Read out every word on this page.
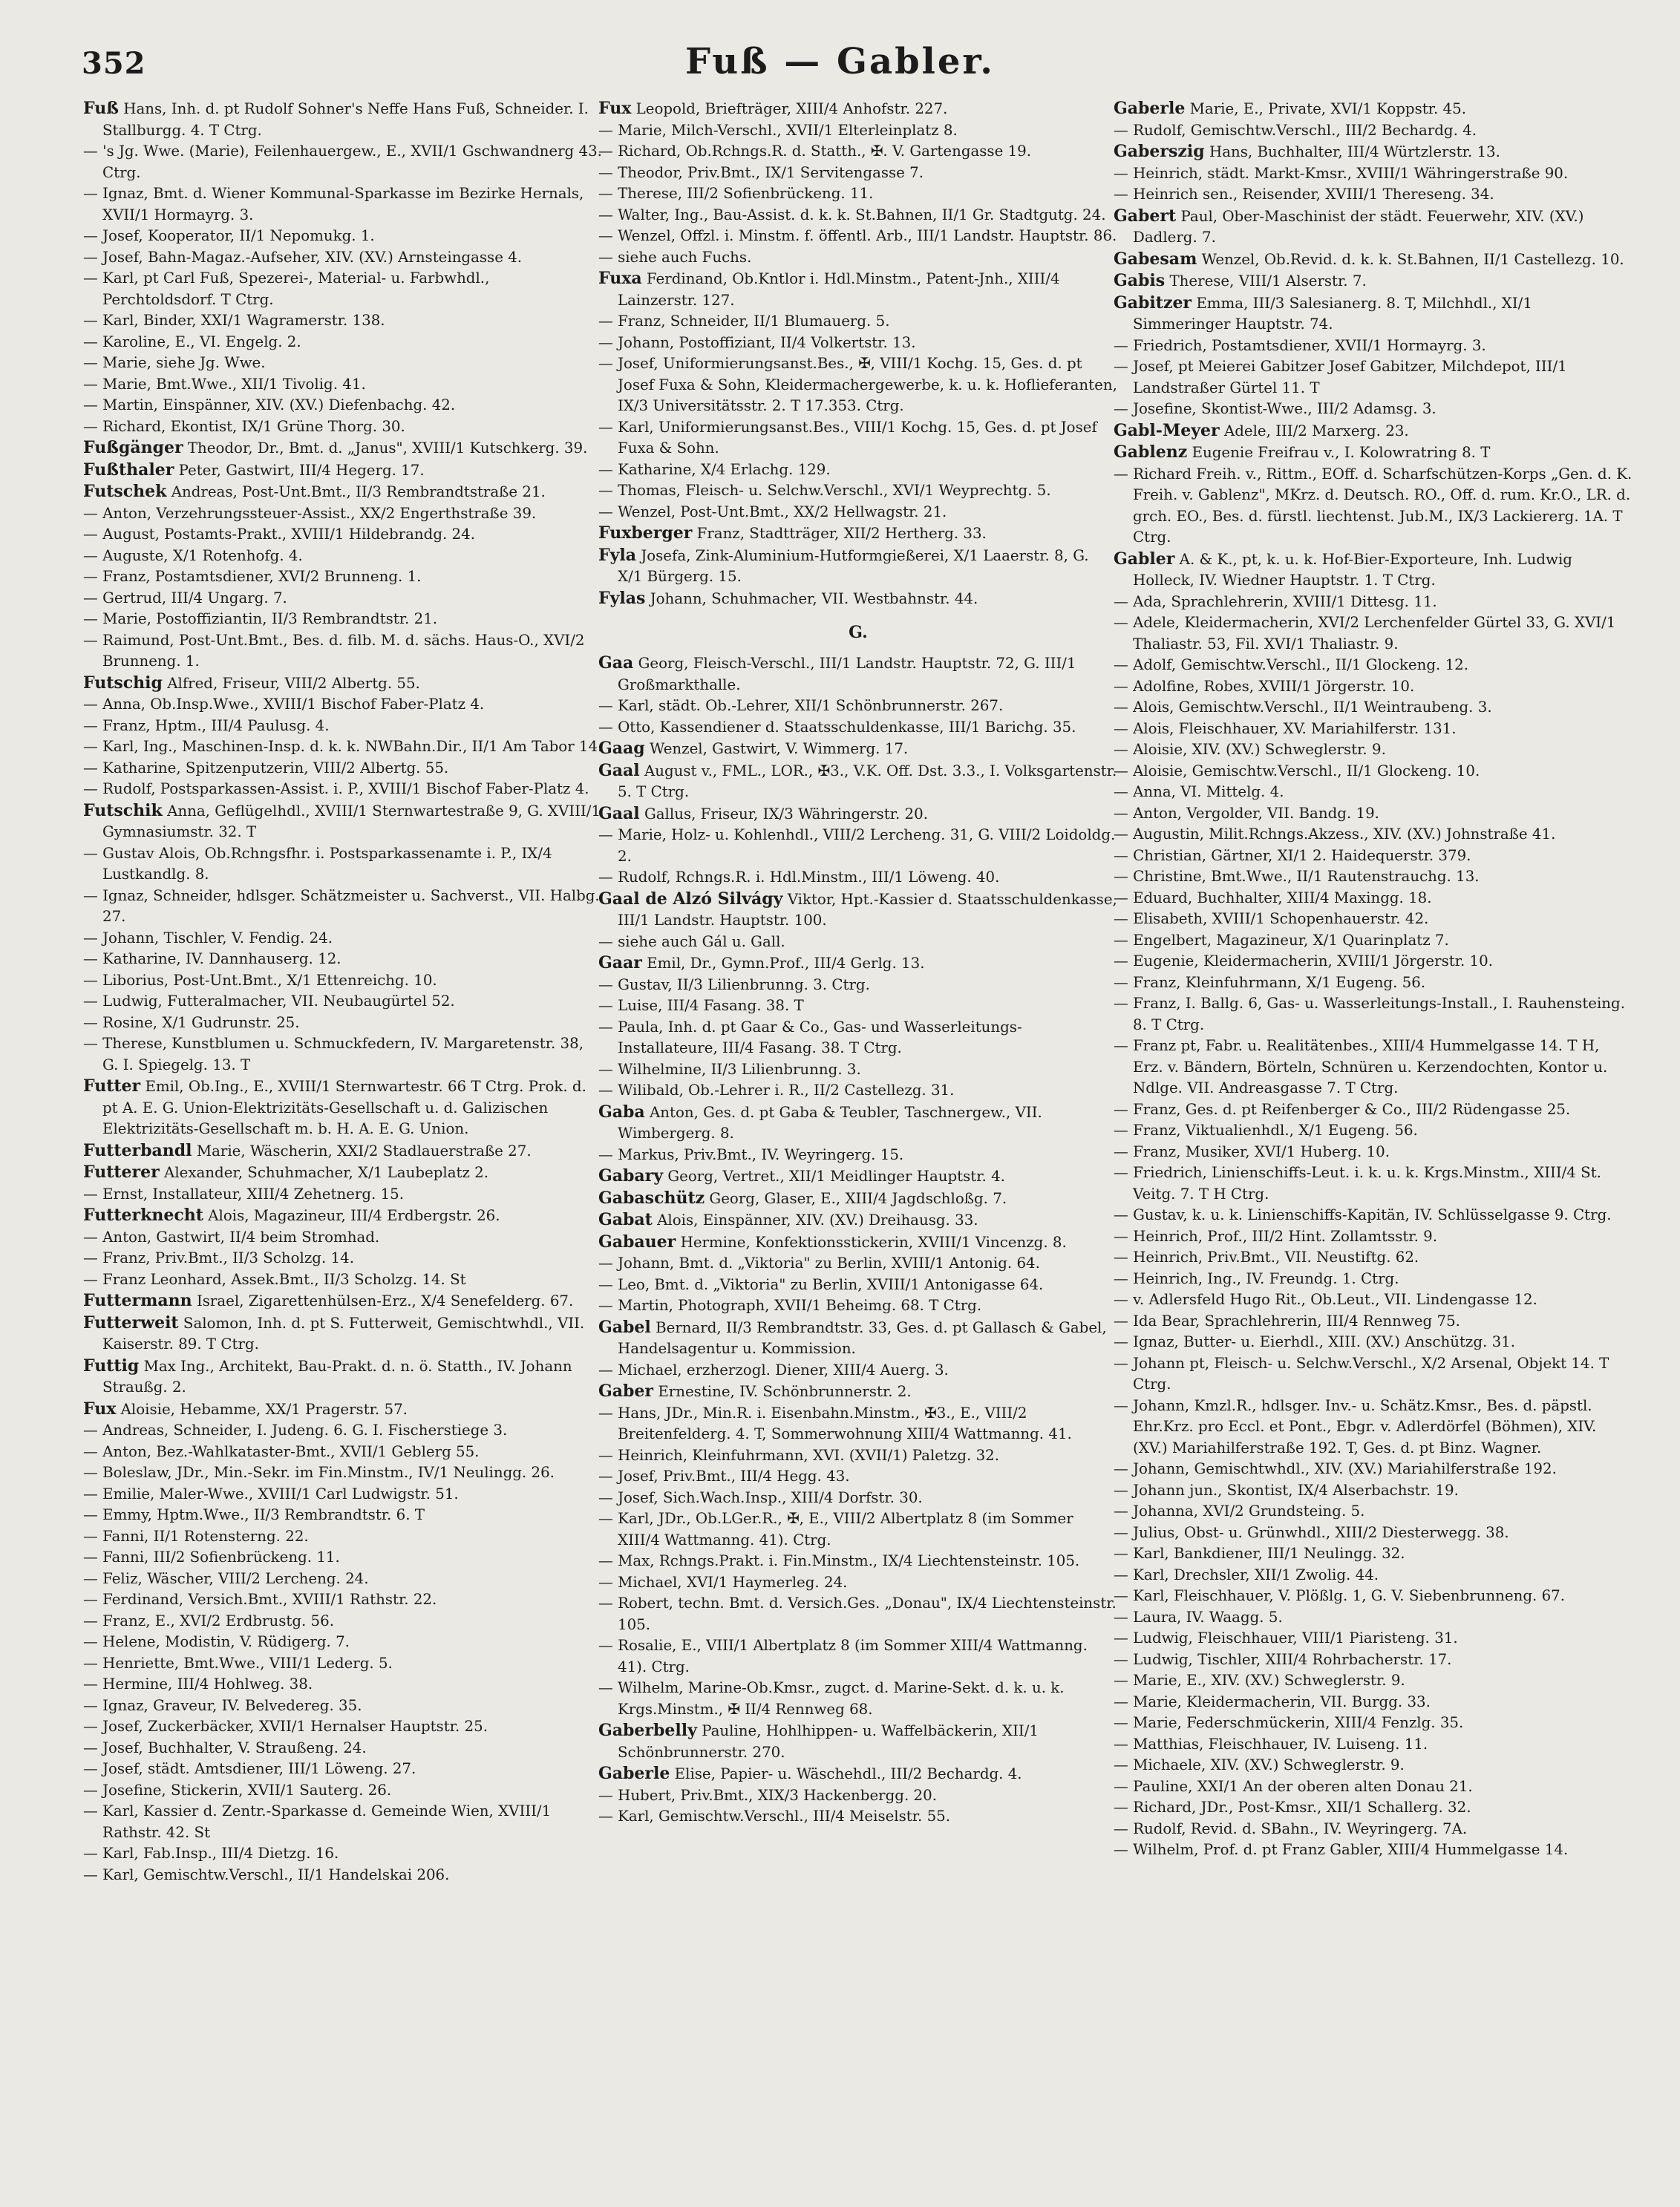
352	Fuß — Gabler.

Fuß Hans, Inh. d. pt Rudolf Sohner's Neffe Hans Fuß, Schneider. I. Stallburgg. 4. T Ctrg.

— 's Jg. Wwe. (Marie), Feilenhauergew., E., XVII/1 Gschwandnerg 43. Ctrg.

— Ignaz, Bmt. d. Wiener Kommunal-Sparkasse im Bezirke Hernals, XVII/1 Hormayrg. 3.

— Josef, Kooperator, II/1 Nepomukg. 1.

— Josef, Bahn-Magaz.-Aufseher, XIV. (XV.) Arnsteingasse 4.

— Karl, pt Carl Fuß, Spezerei-, Material- u. Farbwhdl., Perchtoldsdorf. T Ctrg.

— Karl, Binder, XXI/1 Wagramerstr. 138.

— Karoline, E., VI. Engelg. 2.

— Marie, siehe Jg. Wwe.

— Marie, Bmt.Wwe., XII/1 Tivolig. 41.

— Martin, Einspänner, XIV. (XV.) Diefenbachg. 42.

— Richard, Ekontist, IX/1 Grüne Thorg. 30.

Fußgänger Theodor, Dr., Bmt. d. „Janus", XVIII/1 Kutschkerg. 39.

Fußthaler Peter, Gastwirt, III/4 Hegerg. 17.

Futschek Andreas, Post-Unt.Bmt., II/3 Rembrandtstraße 21.

— Anton, Verzehrungssteuer-Assist., XX/2 Engerthstraße 39.

— August, Postamts-Prakt., XVIII/1 Hildebrandg. 24.

— Auguste, X/1 Rotenhofg. 4.

— Franz, Postamtsdiener, XVI/2 Brunneng. 1.

— Gertrud, III/4 Ungarg. 7.

— Marie, Postoffiziantin, II/3 Rembrandtstr. 21.

— Raimund, Post-Unt.Bmt., Bes. d. filb. M. d. sächs. Haus-O., XVI/2 Brunneng. 1.

Futschig Alfred, Friseur, VIII/2 Albertg. 55.

— Anna, Ob.Insp.Wwe., XVIII/1 Bischof Faber-Platz 4.

— Franz, Hptm., III/4 Paulusg. 4.

— Karl, Ing., Maschinen-Insp. d. k. k. NWBahn.Dir., II/1 Am Tabor 14.

— Katharine, Spitzenputzerin, VIII/2 Albertg. 55.

— Rudolf, Postsparkassen-Assist. i. P., XVIII/1 Bischof Faber-Platz 4.

Futschik Anna, Geflügelhdl., XVIII/1 Sternwartestraße 9, G. XVIII/1 Gymnasiumstr. 32. T

— Gustav Alois, Ob.Rchngsfhr. i. Postsparkassenamte i. P., IX/4 Lustkandlg. 8.

— Ignaz, Schneider, hdlsger. Schätzmeister u. Sachverst., VII. Halbg. 27.

— Johann, Tischler, V. Fendig. 24.

— Katharine, IV. Dannhauserg. 12.

— Liborius, Post-Unt.Bmt., X/1 Ettenreichg. 10.

— Ludwig, Futteralmacher, VII. Neubaugürtel 52.

— Rosine, X/1 Gudrunstr. 25.

— Therese, Kunstblumen u. Schmuckfedern, IV. Margaretenstr. 38, G. I. Spiegelg. 13. T

Futter Emil, Ob.Ing., E., XVIII/1 Sternwartestr. 66 T Ctrg. Prok. d. pt A. E. G. Union-Elektrizitäts-Gesellschaft u. d. Galizischen Elektrizitäts-Gesellschaft m. b. H. A. E. G. Union.

Futterbandl Marie, Wäscherin, XXI/2 Stadlauerstraße 27.

Futterer Alexander, Schuhmacher, X/1 Laubeplatz 2.

— Ernst, Installateur, XIII/4 Zehetnerg. 15.

Futterknecht Alois, Magazineur, III/4 Erdbergstr. 26.

— Anton, Gastwirt, II/4 beim Stromhad.

— Franz, Priv.Bmt., II/3 Scholzg. 14.

— Franz Leonhard, Assek.Bmt., II/3 Scholzg. 14. St

Futtermann Israel, Zigarettenhülsen-Erz., X/4 Senefelderg. 67.

Futterweit Salomon, Inh. d. pt S. Futterweit, Gemischtwhdl., VII. Kaiserstr. 89. T Ctrg.

Futtig Max Ing., Architekt, Bau-Prakt. d. n. ö. Statth., IV. Johann Straußg. 2.

Fux Aloisie, Hebamme, XX/1 Pragerstr. 57.

— Andreas, Schneider, I. Judeng. 6. G. I. Fischerstiege 3.

— Anton, Bez.-Wahlkataster-Bmt., XVII/1 Geblerg 55.

— Boleslaw, JDr., Min.-Sekr. im Fin.Minstm., IV/1 Neulingg. 26.

— Emilie, Maler-Wwe., XVIII/1 Carl Ludwigstr. 51.

— Emmy, Hptm.Wwe., II/3 Rembrandtstr. 6. T

— Fanni, II/1 Rotensterng. 22.

— Fanni, III/2 Sofienbrückeng. 11.

— Feliz, Wäscher, VIII/2 Lercheng. 24.

— Ferdinand, Versich.Bmt., XVIII/1 Rathstr. 22.

— Franz, E., XVI/2 Erdbrustg. 56.

— Helene, Modistin, V. Rüdigerg. 7.

— Henriette, Bmt.Wwe., VIII/1 Lederg. 5.

— Hermine, III/4 Hohlweg. 38.

— Ignaz, Graveur, IV. Belvedereg. 35.

— Josef, Zuckerbäcker, XVII/1 Hernalser Hauptstr. 25.

— Josef, Buchhalter, V. Straußeng. 24.

— Josef, städt. Amtsdiener, III/1 Löweng. 27.

— Josefine, Stickerin, XVII/1 Sauterg. 26.

— Karl, Kassier d. Zentr.-Sparkasse d. Gemeinde Wien, XVIII/1 Rathstr. 42. St

— Karl, Fab.Insp., III/4 Dietzg. 16.

— Karl, Gemischtw.Verschl., II/1 Handelskai 206.

Fux Leopold, Briefträger, XIII/4 Anhofstr. 227.

— Marie, Milch-Verschl., XVII/1 Elterleinplatz 8.

— Richard, Ob.Rchngs.R. d. Statth., ✠. V. Gartengasse 19.

— Theodor, Priv.Bmt., IX/1 Servitengasse 7.

— Therese, III/2 Sofienbrückeng. 11.

— Walter, Ing., Bau-Assist. d. k. k. St.Bahnen, II/1 Gr. Stadtgutg. 24.

— Wenzel, Offzl. i. Minstm. f. öffentl. Arb., III/1 Landstr. Hauptstr. 86.

— siehe auch Fuchs.

Fuxa Ferdinand, Ob.Kntlor i. Hdl.Minstm., Patent-Jnh., XIII/4 Lainzerstr. 127.

— Franz, Schneider, II/1 Blumauerg. 5.

— Johann, Postoffiziant, II/4 Volkertstr. 13.

— Josef, Uniformierungsanst.Bes., ✠, VIII/1 Kochg. 15, Ges. d. pt Josef Fuxa & Sohn, Kleidermachergewerbe, k. u. k. Hoflieferanten, IX/3 Universitätsstr. 2. T 17.353. Ctrg.

— Karl, Uniformierungsanst.Bes., VIII/1 Kochg. 15, Ges. d. pt Josef Fuxa & Sohn.

— Katharine, X/4 Erlachg. 129.

— Thomas, Fleisch- u. Selchw.Verschl., XVI/1 Weyprechtg. 5.

— Wenzel, Post-Unt.Bmt., XX/2 Hellwagstr. 21.

Fuxberger Franz, Stadtträger, XII/2 Hertherg. 33.

Fyla Josefa, Zink-Aluminium-Hutformgießerei, X/1 Laaerstr. 8, G. X/1 Bürgerg. 15.

Fylas Johann, Schuhmacher, VII. Westbahnstr. 44.

G.

Gaa Georg, Fleisch-Verschl., III/1 Landstr. Hauptstr. 72, G. III/1 Großmarkthalle.

— Karl, städt. Ob.-Lehrer, XII/1 Schönbrunnerstr. 267.

— Otto, Kassendiener d. Staatsschuldenkasse, III/1 Barichg. 35.

Gaag Wenzel, Gastwirt, V. Wimmerg. 17.

Gaal August v., FML., LOR., ✠3., V.K. Off. Dst. 3.3., I. Volksgartenstr. 5. T Ctrg.

Gaal Gallus, Friseur, IX/3 Währingerstr. 20.

— Marie, Holz- u. Kohlenhdl., VIII/2 Lercheng. 31, G. VIII/2 Loidoldg. 2.

— Rudolf, Rchngs.R. i. Hdl.Minstm., III/1 Löweng. 40.

Gaal de Alzó Silvágy Viktor, Hpt.-Kassier d. Staatsschuldenkasse, III/1 Landstr. Hauptstr. 100.

— siehe auch Gál u. Gall.

Gaar Emil, Dr., Gymn.Prof., III/4 Gerlg. 13.

— Gustav, II/3 Lilienbrunng. 3. Ctrg.

— Luise, III/4 Fasang. 38. T

— Paula, Inh. d. pt Gaar & Co., Gas- und Wasserleitungs-Installateure, III/4 Fasang. 38. T Ctrg.

— Wilhelmine, II/3 Lilienbrunng. 3.

— Wilibald, Ob.-Lehrer i. R., II/2 Castellezg. 31.

Gaba Anton, Ges. d. pt Gaba & Teubler, Taschnergew., VII. Wimbergerg. 8.

— Markus, Priv.Bmt., IV. Weyringerg. 15.

Gabary Georg, Vertret., XII/1 Meidlinger Hauptstr. 4.

Gabaschütz Georg, Glaser, E., XIII/4 Jagdschloßg. 7.

Gabat Alois, Einspänner, XIV. (XV.) Dreihausg. 33.

Gabauer Hermine, Konfektionsstickerin, XVIII/1 Vincenzg. 8.

— Johann, Bmt. d. „Viktoria" zu Berlin, XVIII/1 Antonig. 64.

— Leo, Bmt. d. „Viktoria" zu Berlin, XVIII/1 Antonigasse 64.

— Martin, Photograph, XVII/1 Beheimg. 68. T Ctrg.

Gabel Bernard, II/3 Rembrandtstr. 33, Ges. d. pt Gallasch & Gabel, Handelsagentur u. Kommission.

— Michael, erzherzogl. Diener, XIII/4 Auerg. 3.

Gaber Ernestine, IV. Schönbrunnerstr. 2.

— Hans, JDr., Min.R. i. Eisenbahn.Minstm., ✠3., E., VIII/2 Breitenfelderg. 4. T, Sommerwohnung XIII/4 Wattmanng. 41.

— Heinrich, Kleinfuhrmann, XVI. (XVII/1) Paletzg. 32.

— Josef, Priv.Bmt., III/4 Hegg. 43.

— Josef, Sich.Wach.Insp., XIII/4 Dorfstr. 30.

— Karl, JDr., Ob.LGer.R., ✠, E., VIII/2 Albertplatz 8 (im Sommer XIII/4 Wattmanng. 41). Ctrg.

— Max, Rchngs.Prakt. i. Fin.Minstm., IX/4 Liechtensteinstr. 105.

— Michael, XVI/1 Haymerleg. 24.

— Robert, techn. Bmt. d. Versich.Ges. „Donau", IX/4 Liechtensteinstr. 105.

— Rosalie, E., VIII/1 Albertplatz 8 (im Sommer XIII/4 Wattmanng. 41). Ctrg.

— Wilhelm, Marine-Ob.Kmsr., zugct. d. Marine-Sekt. d. k. u. k. Krgs.Minstm., ✠ II/4 Rennweg 68.

Gaberbelly Pauline, Hohlhippen- u. Waffelbäckerin, XII/1 Schönbrunnerstr. 270.

Gaberle Elise, Papier- u. Wäschehdl., III/2 Bechardg. 4.

— Hubert, Priv.Bmt., XIX/3 Hackenbergg. 20.

— Karl, Gemischtw.Verschl., III/4 Meiselstr. 55.

Gaberle Marie, E., Private, XVI/1 Koppstr. 45.

— Rudolf, Gemischtw.Verschl., III/2 Bechardg. 4.

Gaberszig Hans, Buchhalter, III/4 Würtzlerstr. 13.

— Heinrich, städt. Markt-Kmsr., XVIII/1 Währingerstraße 90.

— Heinrich sen., Reisender, XVIII/1 Thereseng. 34.

Gabert Paul, Ober-Maschinist der städt. Feuerwehr, XIV. (XV.) Dadlerg. 7.

Gabesam Wenzel, Ob.Revid. d. k. k. St.Bahnen, II/1 Castellezg. 10.

Gabis Therese, VIII/1 Alserstr. 7.

Gabitzer Emma, III/3 Salesianerg. 8. T, Milchhdl., XI/1 Simmeringer Hauptstr. 74.

— Friedrich, Postamtsdiener, XVII/1 Hormayrg. 3.

— Josef, pt Meierei Gabitzer Josef Gabitzer, Milchdepot, III/1 Landstraßer Gürtel 11. T

— Josefine, Skontist-Wwe., III/2 Adamsg. 3.

Gabl-Meyer Adele, III/2 Marxerg. 23.

Gablenz Eugenie Freifrau v., I. Kolowratring 8. T

— Richard Freih. v., Rittm., EOff. d. Scharfschützen-Korps „Gen. d. K. Freih. v. Gablenz", MKrz. d. Deutsch. RO., Off. d. rum. Kr.O., LR. d. grch. EO., Bes. d. fürstl. liechtenst. Jub.M., IX/3 Lackiererg. 1A. T Ctrg.

Gabler A. & K., pt, k. u. k. Hof-Bier-Exporteure, Inh. Ludwig Holleck, IV. Wiedner Hauptstr. 1. T Ctrg.

— Ada, Sprachlehrerin, XVIII/1 Dittesg. 11.

— Adele, Kleidermacherin, XVI/2 Lerchenfelder Gürtel 33, G. XVI/1 Thaliastr. 53, Fil. XVI/1 Thaliastr. 9.

— Adolf, Gemischtw.Verschl., II/1 Glockeng. 12.

— Adolfine, Robes, XVIII/1 Jörgerstr. 10.

— Alois, Gemischtw.Verschl., II/1 Weintraubeng. 3.

— Alois, Fleischhauer, XV. Mariahilferstr. 131.

— Aloisie, XIV. (XV.) Schweglerstr. 9.

— Aloisie, Gemischtw.Verschl., II/1 Glockeng. 10.

— Anna, VI. Mittelg. 4.

— Anton, Vergolder, VII. Bandg. 19.

— Augustin, Milit.Rchngs.Akzess., XIV. (XV.) Johnstraße 41.

— Christian, Gärtner, XI/1 2. Haidequerstr. 379.

— Christine, Bmt.Wwe., II/1 Rautenstrauchg. 13.

— Eduard, Buchhalter, XIII/4 Maxingg. 18.

— Elisabeth, XVIII/1 Schopenhauerstr. 42.

— Engelbert, Magazineur, X/1 Quarinplatz 7.

— Eugenie, Kleidermacherin, XVIII/1 Jörgerstr. 10.

— Franz, Kleinfuhrmann, X/1 Eugeng. 56.

— Franz, I. Ballg. 6, Gas- u. Wasserleitungs-Install., I. Rauhensteing. 8. T Ctrg.

— Franz pt, Fabr. u. Realitätenbes., XIII/4 Hummelgasse 14. T H, Erz. v. Bändern, Börteln, Schnüren u. Kerzendochten, Kontor u. Ndlge. VII. Andreasgasse 7. T Ctrg.

— Franz, Ges. d. pt Reifenberger & Co., III/2 Rüdengasse 25.

— Franz, Viktualienhdl., X/1 Eugeng. 56.

— Franz, Musiker, XVI/1 Huberg. 10.

— Friedrich, Linienschiffs-Leut. i. k. u. k. Krgs.Minstm., XIII/4 St. Veitg. 7. T H Ctrg.

— Gustav, k. u. k. Linienschiffs-Kapitän, IV. Schlüsselgasse 9. Ctrg.

— Heinrich, Prof., III/2 Hint. Zollamtsstr. 9.

— Heinrich, Priv.Bmt., VII. Neustiftg. 62.

— Heinrich, Ing., IV. Freundg. 1. Ctrg.

— v. Adlersfeld Hugo Rit., Ob.Leut., VII. Lindengasse 12.

— Ida Bear, Sprachlehrerin, III/4 Rennweg 75.

— Ignaz, Butter- u. Eierhdl., XIII. (XV.) Anschützg. 31.

— Johann pt, Fleisch- u. Selchw.Verschl., X/2 Arsenal, Objekt 14. T Ctrg.

— Johann, Kmzl.R., hdlsger. Inv.- u. Schätz.Kmsr., Bes. d. päpstl. Ehr.Krz. pro Eccl. et Pont., Ebgr. v. Adlerdörfel (Böhmen), XIV. (XV.) Mariahilferstraße 192. T, Ges. d. pt Binz. Wagner.

— Johann, Gemischtwhdl., XIV. (XV.) Mariahilferstraße 192.

— Johann jun., Skontist, IX/4 Alserbachstr. 19.

— Johanna, XVI/2 Grundsteing. 5.

— Julius, Obst- u. Grünwhdl., XIII/2 Diesterwegg. 38.

— Karl, Bankdiener, III/1 Neulingg. 32.

— Karl, Drechsler, XII/1 Zwolig. 44.

— Karl, Fleischhauer, V. Plößlg. 1, G. V. Siebenbrunneng. 67.

— Laura, IV. Waagg. 5.

— Ludwig, Fleischhauer, VIII/1 Piaristeng. 31.

— Ludwig, Tischler, XIII/4 Rohrbacherstr. 17.

— Marie, E., XIV. (XV.) Schweglerstr. 9.

— Marie, Kleidermacherin, VII. Burgg. 33.

— Marie, Federschmückerin, XIII/4 Fenzlg. 35.

— Matthias, Fleischhauer, IV. Luiseng. 11.

— Michaele, XIV. (XV.) Schweglerstr. 9.

— Pauline, XXI/1 An der oberen alten Donau 21.

— Richard, JDr., Post-Kmsr., XII/1 Schallerg. 32.

— Rudolf, Revid. d. SBahn., IV. Weyringerg. 7A.

— Wilhelm, Prof. d. pt Franz Gabler, XIII/4 Hummelgasse 14.
